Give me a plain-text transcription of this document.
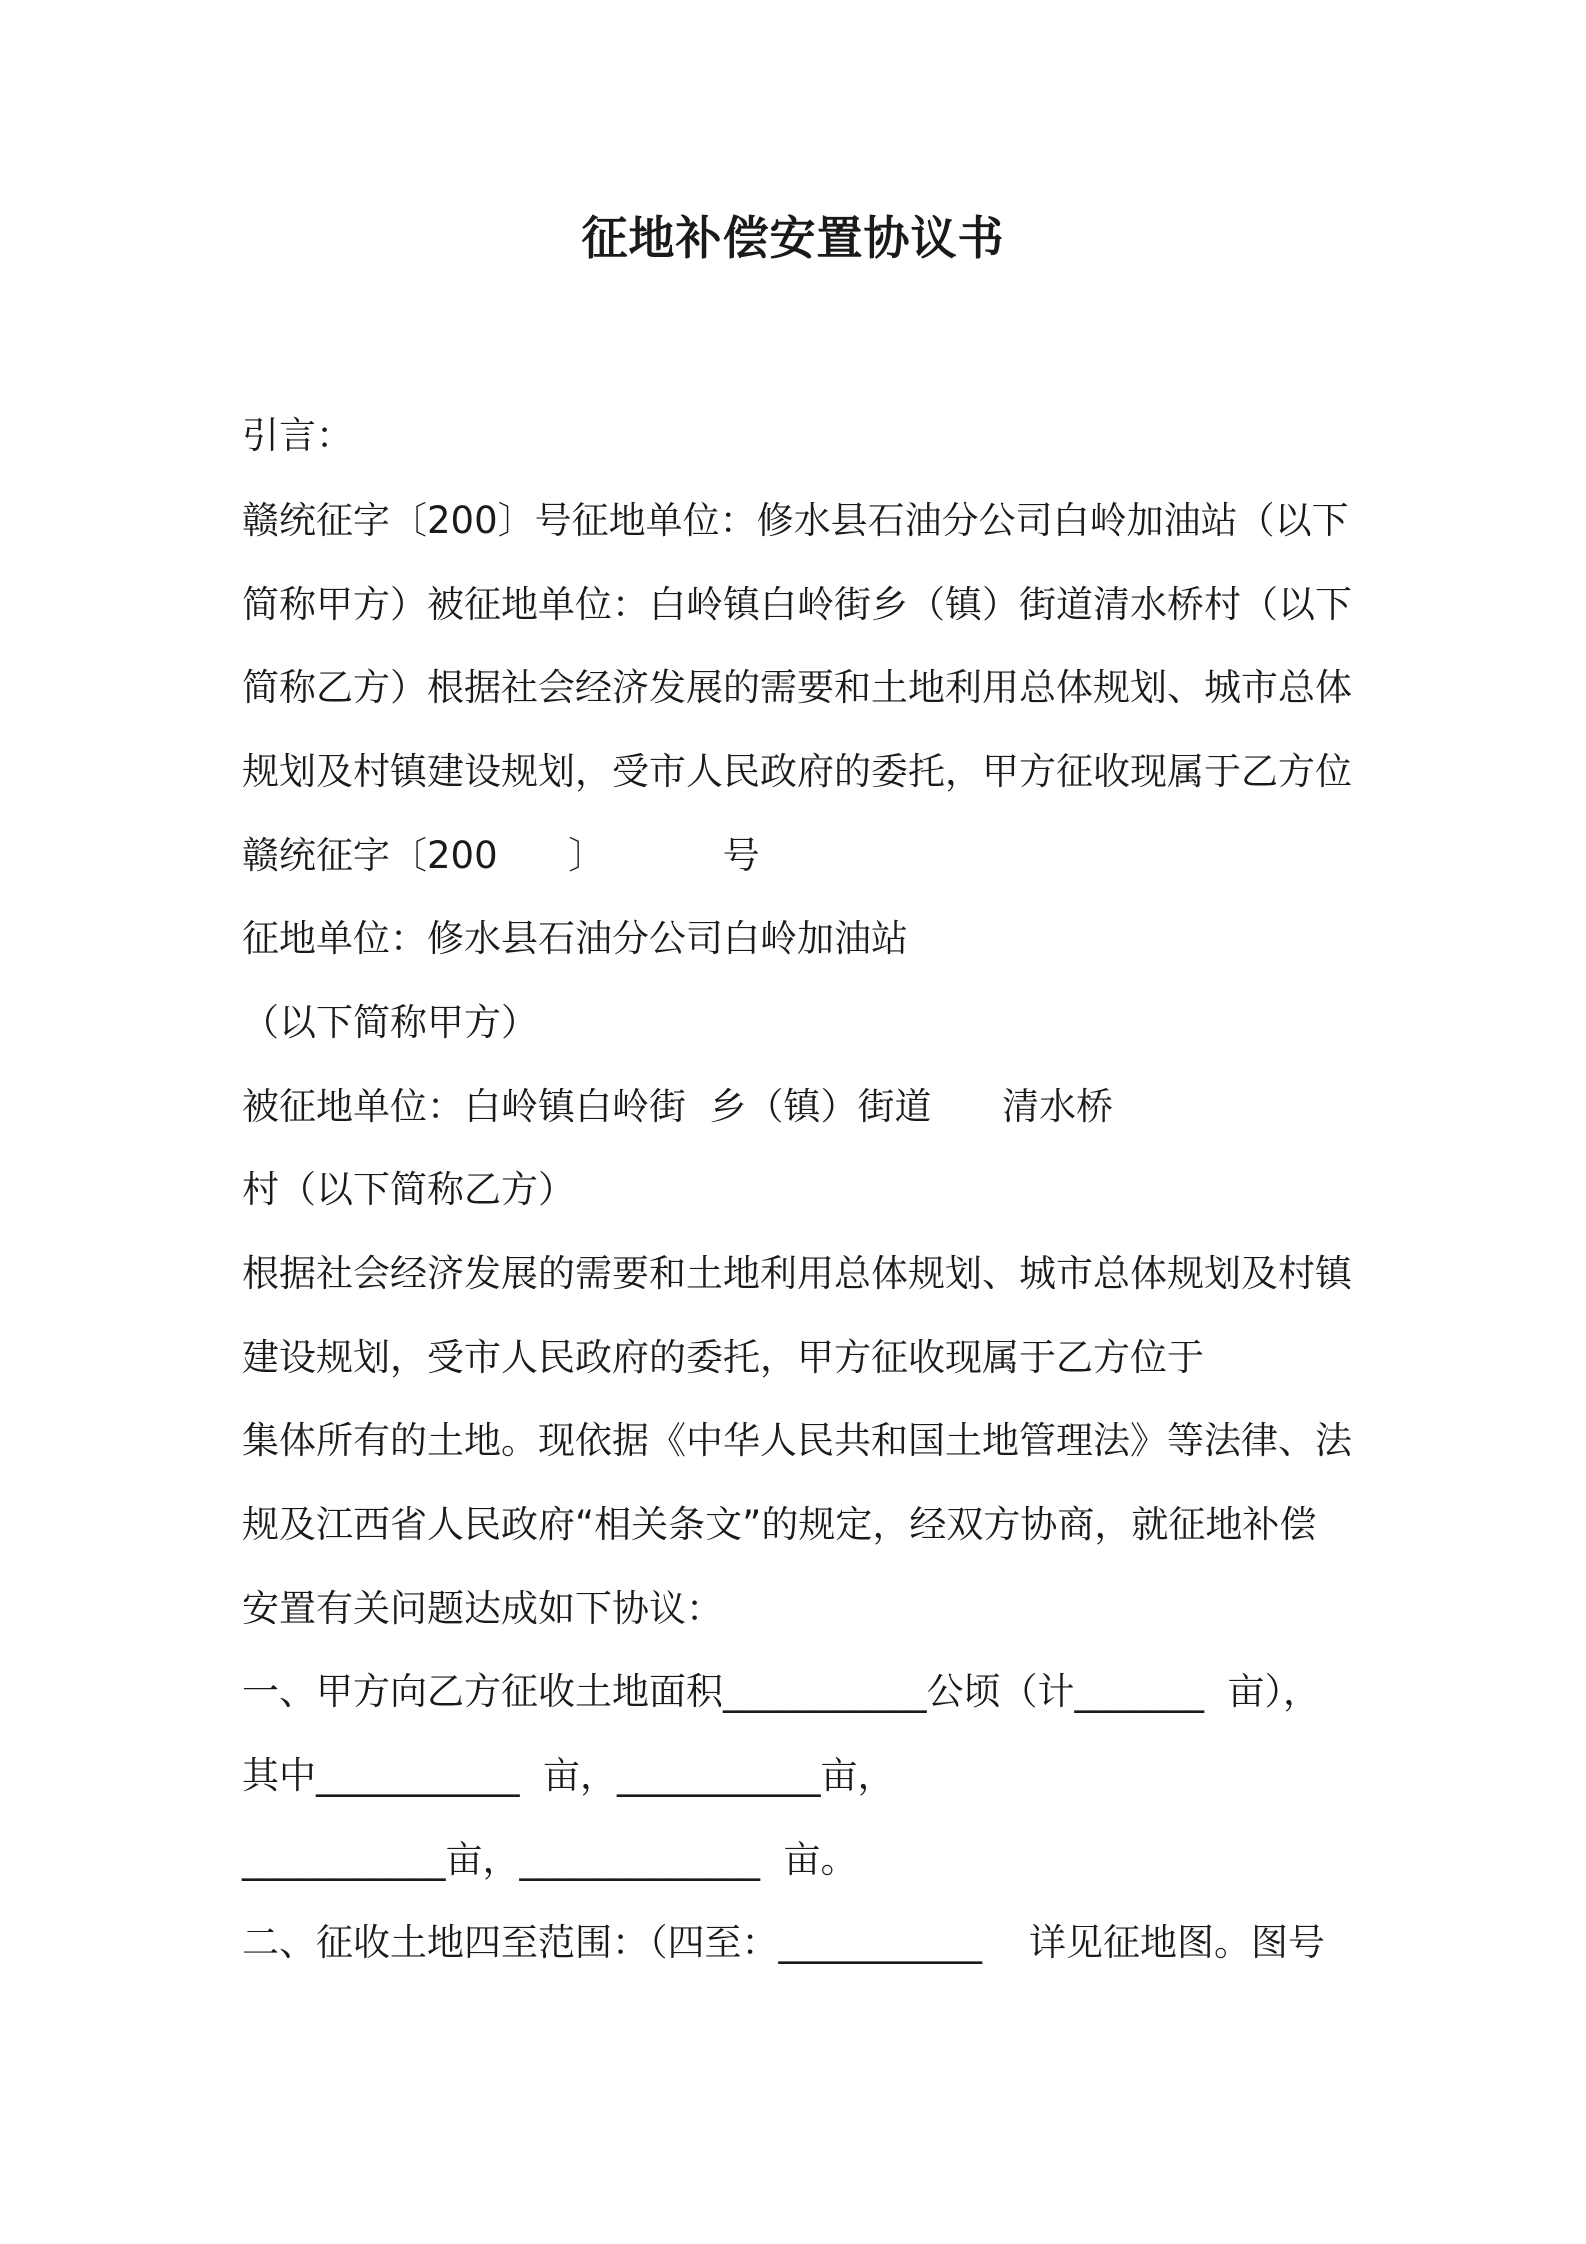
征地补偿安置协议书
引言：
赣统征字〔200〕号征地单位：修水县石油分公司白岭加油站（以下
简称甲方）被征地单位：白岭镇白岭街乡（镇）街道清水桥村（以下
简称乙方）根据社会经济发展的需要和土地利用总体规划、城市总体
规划及村镇建设规划，受市人民政府的委托，甲方征收现属于乙方位
赣统征字〔200      〕          号
征地单位：修水县石油分公司白岭加油站
（以下简称甲方）
被征地单位：白岭镇白岭街  乡（镇）街道      清水桥
村（以下简称乙方）
根据社会经济发展的需要和土地利用总体规划、城市总体规划及村镇
建设规划，受市人民政府的委托，甲方征收现属于乙方位于
集体所有的土地。现依据《中华人民共和国土地管理法》等法律、法
规及江西省人民政府“相关条文”的规定，经双方协商，就征地补偿
安置有关问题达成如下协议：
一、甲方向乙方征收土地面积___________公顷（计_______  亩），
其中___________  亩，___________亩，
___________亩，_____________  亩。
二、征收土地四至范围：（四至：___________    详见征地图。图号
